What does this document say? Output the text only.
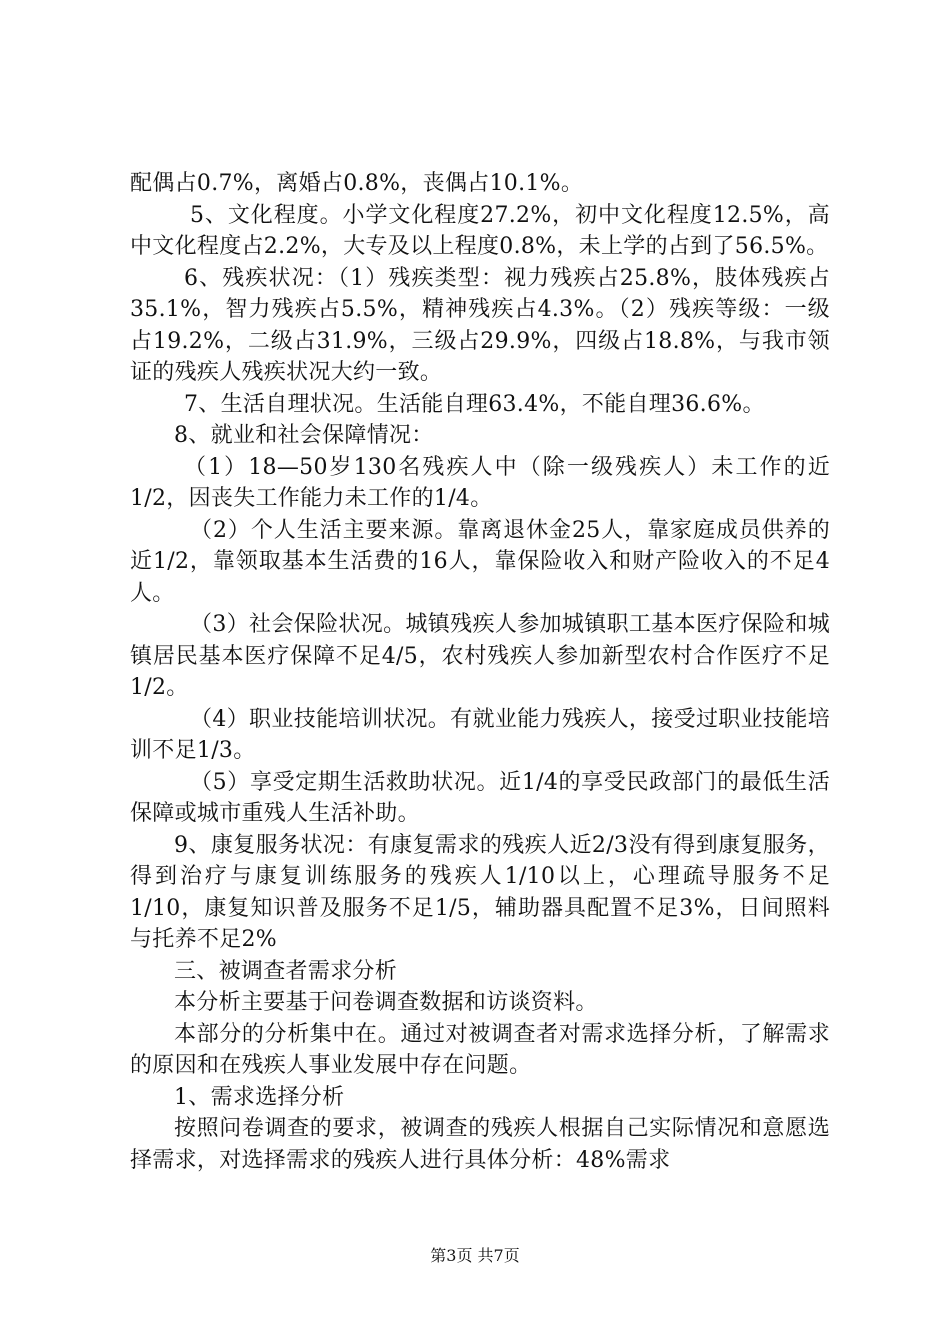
配偶占0.7%，离婚占0.8%，丧偶占10.1%。

5、文化程度。小学文化程度27.2%，初中文化程度12.5%，高中文化程度占2.2%，大专及以上程度0.8%，未上学的占到了56.5%。

6、残疾状况：（1）残疾类型：视力残疾占25.8%，肢体残疾占35.1%，智力残疾占5.5%，精神残疾占4.3%。（2）残疾等级：一级占19.2%，二级占31.9%，三级占29.9%，四级占18.8%，与我市领证的残疾人残疾状况大约一致。

7、生活自理状况。生活能自理63.4%，不能自理36.6%。

8、就业和社会保障情况：

（1）18—50岁130名残疾人中（除一级残疾人）未工作的近1/2，因丧失工作能力未工作的1/4。

（2）个人生活主要来源。靠离退休金25人，靠家庭成员供养的近1/2，靠领取基本生活费的16人，靠保险收入和财产险收入的不足4人。

（3）社会保险状况。城镇残疾人参加城镇职工基本医疗保险和城镇居民基本医疗保障不足4/5，农村残疾人参加新型农村合作医疗不足1/2。

（4）职业技能培训状况。有就业能力残疾人，接受过职业技能培训不足1/3。

（5）享受定期生活救助状况。近1/4的享受民政部门的最低生活保障或城市重残人生活补助。

9、康复服务状况：有康复需求的残疾人近2/3没有得到康复服务，得到治疗与康复训练服务的残疾人1/10以上，心理疏导服务不足1/10，康复知识普及服务不足1/5，辅助器具配置不足3%，日间照料与托养不足2%

三、被调查者需求分析

本分析主要基于问卷调查数据和访谈资料。

本部分的分析集中在。通过对被调查者对需求选择分析，了解需求的原因和在残疾人事业发展中存在问题。

1、需求选择分析

按照问卷调查的要求，被调查的残疾人根据自己实际情况和意愿选择需求，对选择需求的残疾人进行具体分析：48%需求

第3页 共7页
